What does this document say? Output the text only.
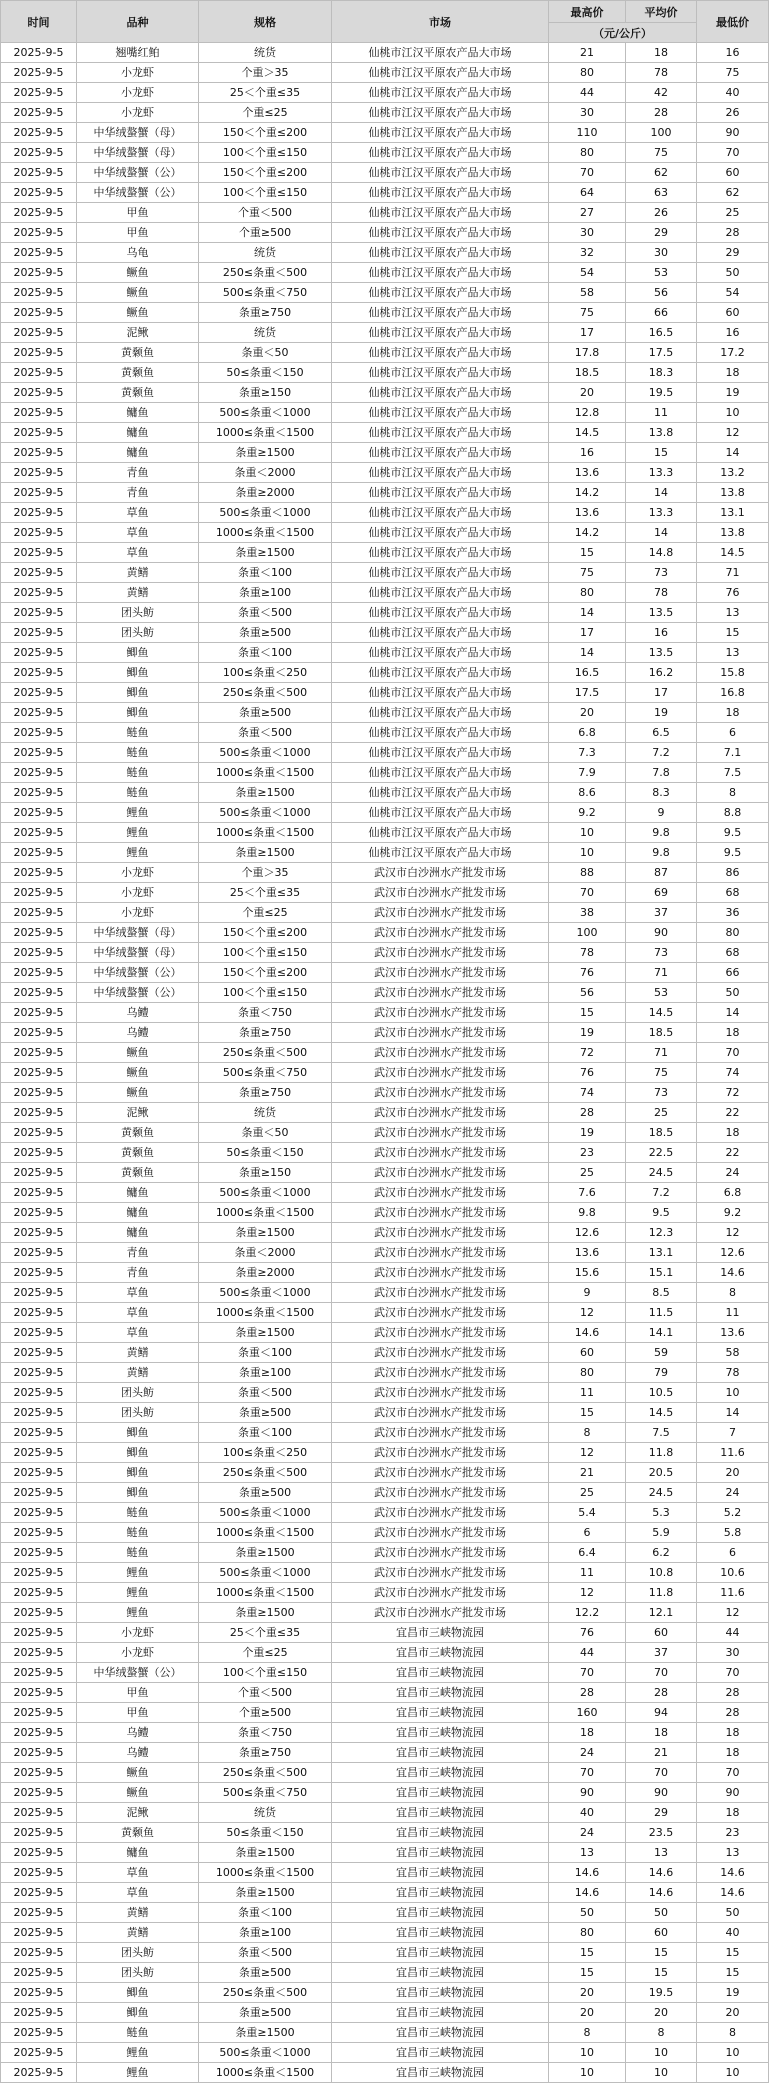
时间	品种	规格	市场	最高价	平均价	最低价
				（元/公斤）		
2025-9-5	翘嘴红鲌	统货	仙桃市江汉平原农产品大市场	21	18	16
2025-9-5	小龙虾	个重＞35	仙桃市江汉平原农产品大市场	80	78	75
2025-9-5	小龙虾	25＜个重≤35	仙桃市江汉平原农产品大市场	44	42	40
2025-9-5	小龙虾	个重≤25	仙桃市江汉平原农产品大市场	30	28	26
2025-9-5	中华绒螯蟹（母）	150＜个重≤200	仙桃市江汉平原农产品大市场	110	100	90
2025-9-5	中华绒螯蟹（母）	100＜个重≤150	仙桃市江汉平原农产品大市场	80	75	70
2025-9-5	中华绒螯蟹（公）	150＜个重≤200	仙桃市江汉平原农产品大市场	70	62	60
2025-9-5	中华绒螯蟹（公）	100＜个重≤150	仙桃市江汉平原农产品大市场	64	63	62
2025-9-5	甲鱼	个重＜500	仙桃市江汉平原农产品大市场	27	26	25
2025-9-5	甲鱼	个重≥500	仙桃市江汉平原农产品大市场	30	29	28
2025-9-5	乌龟	统货	仙桃市江汉平原农产品大市场	32	30	29
2025-9-5	鳜鱼	250≤条重＜500	仙桃市江汉平原农产品大市场	54	53	50
2025-9-5	鳜鱼	500≤条重＜750	仙桃市江汉平原农产品大市场	58	56	54
2025-9-5	鳜鱼	条重≥750	仙桃市江汉平原农产品大市场	75	66	60
2025-9-5	泥鳅	统货	仙桃市江汉平原农产品大市场	17	16.5	16
2025-9-5	黄颡鱼	条重＜50	仙桃市江汉平原农产品大市场	17.8	17.5	17.2
2025-9-5	黄颡鱼	50≤条重＜150	仙桃市江汉平原农产品大市场	18.5	18.3	18
2025-9-5	黄颡鱼	条重≥150	仙桃市江汉平原农产品大市场	20	19.5	19
2025-9-5	鳙鱼	500≤条重＜1000	仙桃市江汉平原农产品大市场	12.8	11	10
2025-9-5	鳙鱼	1000≤条重＜1500	仙桃市江汉平原农产品大市场	14.5	13.8	12
2025-9-5	鳙鱼	条重≥1500	仙桃市江汉平原农产品大市场	16	15	14
2025-9-5	青鱼	条重＜2000	仙桃市江汉平原农产品大市场	13.6	13.3	13.2
2025-9-5	青鱼	条重≥2000	仙桃市江汉平原农产品大市场	14.2	14	13.8
2025-9-5	草鱼	500≤条重＜1000	仙桃市江汉平原农产品大市场	13.6	13.3	13.1
2025-9-5	草鱼	1000≤条重＜1500	仙桃市江汉平原农产品大市场	14.2	14	13.8
2025-9-5	草鱼	条重≥1500	仙桃市江汉平原农产品大市场	15	14.8	14.5
2025-9-5	黄鳝	条重＜100	仙桃市江汉平原农产品大市场	75	73	71
2025-9-5	黄鳝	条重≥100	仙桃市江汉平原农产品大市场	80	78	76
2025-9-5	团头鲂	条重＜500	仙桃市江汉平原农产品大市场	14	13.5	13
2025-9-5	团头鲂	条重≥500	仙桃市江汉平原农产品大市场	17	16	15
2025-9-5	鲫鱼	条重＜100	仙桃市江汉平原农产品大市场	14	13.5	13
2025-9-5	鲫鱼	100≤条重＜250	仙桃市江汉平原农产品大市场	16.5	16.2	15.8
2025-9-5	鲫鱼	250≤条重＜500	仙桃市江汉平原农产品大市场	17.5	17	16.8
2025-9-5	鲫鱼	条重≥500	仙桃市江汉平原农产品大市场	20	19	18
2025-9-5	鲢鱼	条重＜500	仙桃市江汉平原农产品大市场	6.8	6.5	6
2025-9-5	鲢鱼	500≤条重＜1000	仙桃市江汉平原农产品大市场	7.3	7.2	7.1
2025-9-5	鲢鱼	1000≤条重＜1500	仙桃市江汉平原农产品大市场	7.9	7.8	7.5
2025-9-5	鲢鱼	条重≥1500	仙桃市江汉平原农产品大市场	8.6	8.3	8
2025-9-5	鲤鱼	500≤条重＜1000	仙桃市江汉平原农产品大市场	9.2	9	8.8
2025-9-5	鲤鱼	1000≤条重＜1500	仙桃市江汉平原农产品大市场	10	9.8	9.5
2025-9-5	鲤鱼	条重≥1500	仙桃市江汉平原农产品大市场	10	9.8	9.5
2025-9-5	小龙虾	个重＞35	武汉市白沙洲水产批发市场	88	87	86
2025-9-5	小龙虾	25＜个重≤35	武汉市白沙洲水产批发市场	70	69	68
2025-9-5	小龙虾	个重≤25	武汉市白沙洲水产批发市场	38	37	36
2025-9-5	中华绒螯蟹（母）	150＜个重≤200	武汉市白沙洲水产批发市场	100	90	80
2025-9-5	中华绒螯蟹（母）	100＜个重≤150	武汉市白沙洲水产批发市场	78	73	68
2025-9-5	中华绒螯蟹（公）	150＜个重≤200	武汉市白沙洲水产批发市场	76	71	66
2025-9-5	中华绒螯蟹（公）	100＜个重≤150	武汉市白沙洲水产批发市场	56	53	50
2025-9-5	乌鳢	条重＜750	武汉市白沙洲水产批发市场	15	14.5	14
2025-9-5	乌鳢	条重≥750	武汉市白沙洲水产批发市场	19	18.5	18
2025-9-5	鳜鱼	250≤条重＜500	武汉市白沙洲水产批发市场	72	71	70
2025-9-5	鳜鱼	500≤条重＜750	武汉市白沙洲水产批发市场	76	75	74
2025-9-5	鳜鱼	条重≥750	武汉市白沙洲水产批发市场	74	73	72
2025-9-5	泥鳅	统货	武汉市白沙洲水产批发市场	28	25	22
2025-9-5	黄颡鱼	条重＜50	武汉市白沙洲水产批发市场	19	18.5	18
2025-9-5	黄颡鱼	50≤条重＜150	武汉市白沙洲水产批发市场	23	22.5	22
2025-9-5	黄颡鱼	条重≥150	武汉市白沙洲水产批发市场	25	24.5	24
2025-9-5	鳙鱼	500≤条重＜1000	武汉市白沙洲水产批发市场	7.6	7.2	6.8
2025-9-5	鳙鱼	1000≤条重＜1500	武汉市白沙洲水产批发市场	9.8	9.5	9.2
2025-9-5	鳙鱼	条重≥1500	武汉市白沙洲水产批发市场	12.6	12.3	12
2025-9-5	青鱼	条重＜2000	武汉市白沙洲水产批发市场	13.6	13.1	12.6
2025-9-5	青鱼	条重≥2000	武汉市白沙洲水产批发市场	15.6	15.1	14.6
2025-9-5	草鱼	500≤条重＜1000	武汉市白沙洲水产批发市场	9	8.5	8
2025-9-5	草鱼	1000≤条重＜1500	武汉市白沙洲水产批发市场	12	11.5	11
2025-9-5	草鱼	条重≥1500	武汉市白沙洲水产批发市场	14.6	14.1	13.6
2025-9-5	黄鳝	条重＜100	武汉市白沙洲水产批发市场	60	59	58
2025-9-5	黄鳝	条重≥100	武汉市白沙洲水产批发市场	80	79	78
2025-9-5	团头鲂	条重＜500	武汉市白沙洲水产批发市场	11	10.5	10
2025-9-5	团头鲂	条重≥500	武汉市白沙洲水产批发市场	15	14.5	14
2025-9-5	鲫鱼	条重＜100	武汉市白沙洲水产批发市场	8	7.5	7
2025-9-5	鲫鱼	100≤条重＜250	武汉市白沙洲水产批发市场	12	11.8	11.6
2025-9-5	鲫鱼	250≤条重＜500	武汉市白沙洲水产批发市场	21	20.5	20
2025-9-5	鲫鱼	条重≥500	武汉市白沙洲水产批发市场	25	24.5	24
2025-9-5	鲢鱼	500≤条重＜1000	武汉市白沙洲水产批发市场	5.4	5.3	5.2
2025-9-5	鲢鱼	1000≤条重＜1500	武汉市白沙洲水产批发市场	6	5.9	5.8
2025-9-5	鲢鱼	条重≥1500	武汉市白沙洲水产批发市场	6.4	6.2	6
2025-9-5	鲤鱼	500≤条重＜1000	武汉市白沙洲水产批发市场	11	10.8	10.6
2025-9-5	鲤鱼	1000≤条重＜1500	武汉市白沙洲水产批发市场	12	11.8	11.6
2025-9-5	鲤鱼	条重≥1500	武汉市白沙洲水产批发市场	12.2	12.1	12
2025-9-5	小龙虾	25＜个重≤35	宜昌市三峡物流园	76	60	44
2025-9-5	小龙虾	个重≤25	宜昌市三峡物流园	44	37	30
2025-9-5	中华绒螯蟹（公）	100＜个重≤150	宜昌市三峡物流园	70	70	70
2025-9-5	甲鱼	个重＜500	宜昌市三峡物流园	28	28	28
2025-9-5	甲鱼	个重≥500	宜昌市三峡物流园	160	94	28
2025-9-5	乌鳢	条重＜750	宜昌市三峡物流园	18	18	18
2025-9-5	乌鳢	条重≥750	宜昌市三峡物流园	24	21	18
2025-9-5	鳜鱼	250≤条重＜500	宜昌市三峡物流园	70	70	70
2025-9-5	鳜鱼	500≤条重＜750	宜昌市三峡物流园	90	90	90
2025-9-5	泥鳅	统货	宜昌市三峡物流园	40	29	18
2025-9-5	黄颡鱼	50≤条重＜150	宜昌市三峡物流园	24	23.5	23
2025-9-5	鳙鱼	条重≥1500	宜昌市三峡物流园	13	13	13
2025-9-5	草鱼	1000≤条重＜1500	宜昌市三峡物流园	14.6	14.6	14.6
2025-9-5	草鱼	条重≥1500	宜昌市三峡物流园	14.6	14.6	14.6
2025-9-5	黄鳝	条重＜100	宜昌市三峡物流园	50	50	50
2025-9-5	黄鳝	条重≥100	宜昌市三峡物流园	80	60	40
2025-9-5	团头鲂	条重＜500	宜昌市三峡物流园	15	15	15
2025-9-5	团头鲂	条重≥500	宜昌市三峡物流园	15	15	15
2025-9-5	鲫鱼	250≤条重＜500	宜昌市三峡物流园	20	19.5	19
2025-9-5	鲫鱼	条重≥500	宜昌市三峡物流园	20	20	20
2025-9-5	鲢鱼	条重≥1500	宜昌市三峡物流园	8	8	8
2025-9-5	鲤鱼	500≤条重＜1000	宜昌市三峡物流园	10	10	10
2025-9-5	鲤鱼	1000≤条重＜1500	宜昌市三峡物流园	10	10	10
